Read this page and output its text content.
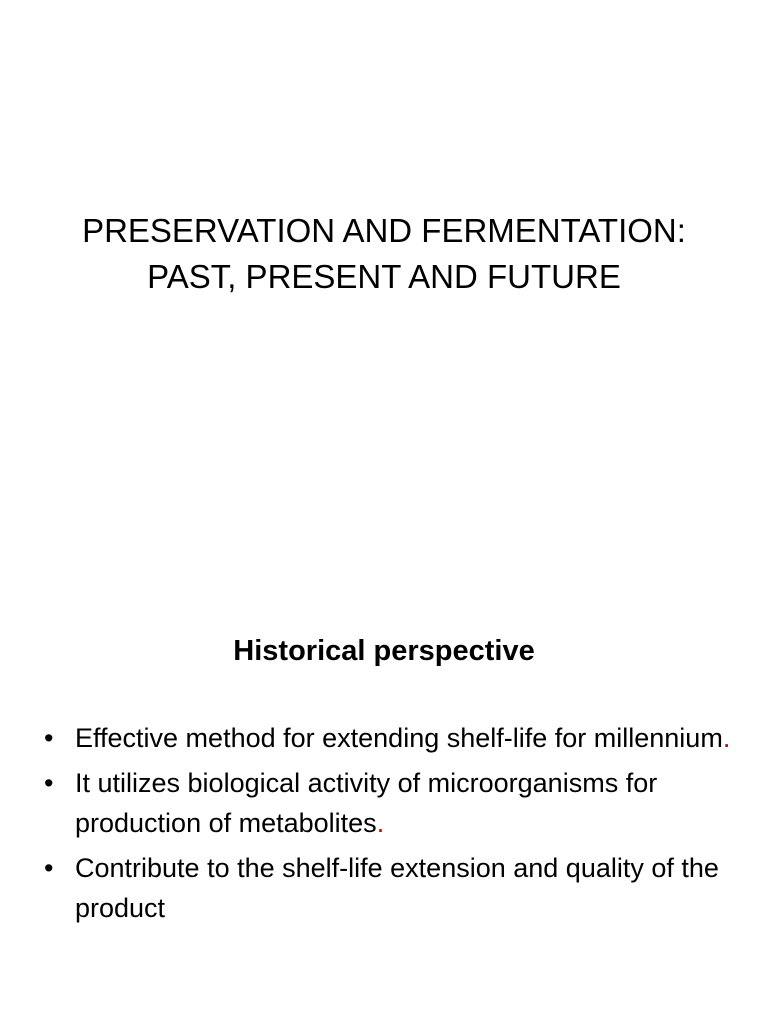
PRESERVATION AND FERMENTATION:
PAST, PRESENT AND FUTURE
Historical perspective
• Effective method for extending shelf-life for millennium.
• It utilizes biological activity of microorganisms for production of metabolites.
• Contribute to the shelf-life extension and quality of the product
